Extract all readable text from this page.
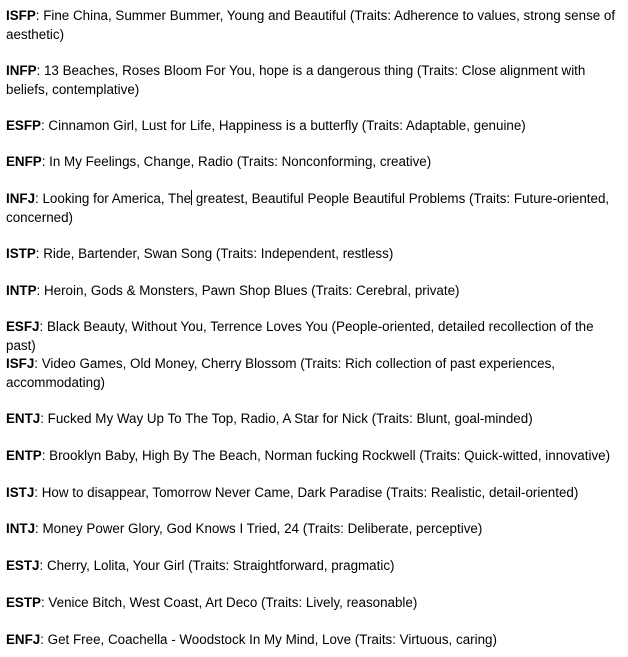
ISFP: Fine China, Summer Bummer, Young and Beautiful (Traits: Adherence to values, strong sense of aesthetic)

INFP: 13 Beaches, Roses Bloom For You, hope is a dangerous thing (Traits: Close alignment with beliefs, contemplative)

ESFP: Cinnamon Girl, Lust for Life, Happiness is a butterfly (Traits: Adaptable, genuine)

ENFP: In My Feelings, Change, Radio (Traits: Nonconforming, creative)

INFJ: Looking for America, The greatest, Beautiful People Beautiful Problems (Traits: Future-oriented, concerned)

ISTP: Ride, Bartender, Swan Song (Traits: Independent, restless)

INTP: Heroin, Gods & Monsters, Pawn Shop Blues (Traits: Cerebral, private)

ESFJ: Black Beauty, Without You, Terrence Loves You (People-oriented, detailed recollection of the past)

ISFJ: Video Games, Old Money, Cherry Blossom (Traits: Rich collection of past experiences, accommodating)

ENTJ: Fucked My Way Up To The Top, Radio, A Star for Nick (Traits: Blunt, goal-minded)

ENTP: Brooklyn Baby, High By The Beach, Norman fucking Rockwell (Traits: Quick-witted, innovative)

ISTJ: How to disappear, Tomorrow Never Came, Dark Paradise (Traits: Realistic, detail-oriented)

INTJ: Money Power Glory, God Knows I Tried, 24 (Traits: Deliberate, perceptive)

ESTJ: Cherry, Lolita, Your Girl (Traits: Straightforward, pragmatic)

ESTP: Venice Bitch, West Coast, Art Deco (Traits: Lively, reasonable)

ENFJ: Get Free, Coachella - Woodstock In My Mind, Love (Traits: Virtuous, caring)
